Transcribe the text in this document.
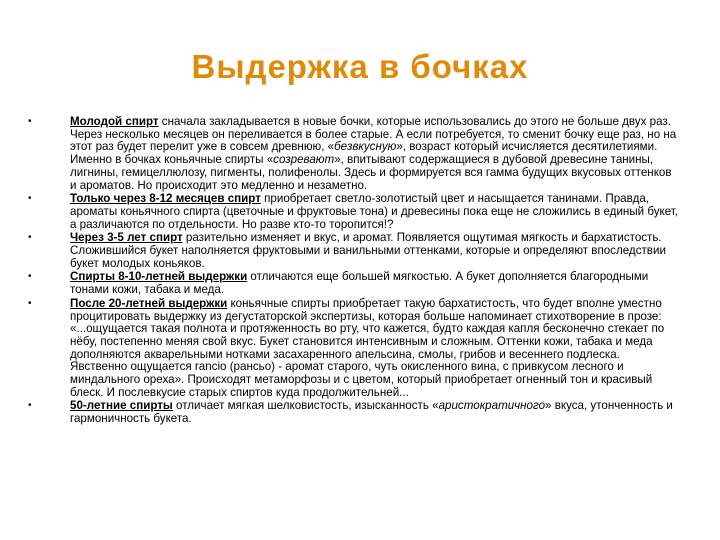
Выдержка в бочках
•	Молодой спирт сначала закладывается в новые бочки, которые использовались до этого не больше двух раз. Через несколько месяцев он переливается в более старые. А если потребуется, то сменит бочку еще раз, но на этот раз будет перелит уже в совсем древнюю, «безвкусную», возраст который исчисляется десятилетиями. Именно в бочках коньячные спирты «созревают», впитывают содержащиеся в дубовой древесине танины, лигнины, гемицеллюлозу, пигменты, полифенолы. Здесь и формируется вся гамма будущих вкусовых оттенков и ароматов. Но происходит это медленно и незаметно.
•	Только через 8-12 месяцев спирт приобретает светло-золотистый цвет и насыщается танинами. Правда, ароматы коньячного спирта (цветочные и фруктовые тона) и древесины пока еще не сложились в единый букет, а различаются по отдельности. Но разве кто-то торопится!?
•	Через 3-5 лет спирт разительно изменяет и вкус, и аромат. Появляется ощутимая мягкость и бархатистость. Сложившийся букет наполняется фруктовыми и ванильными оттенками, которые и определяют впоследствии букет молодых коньяков.
•	Спирты 8-10-летней выдержки отличаются еще большей мягкостью. А букет дополняется благородными тонами кожи, табака и меда.
•	После 20-летней выдержки коньячные спирты приобретает такую бархатистость, что будет вполне уместно процитировать выдержку из дегустаторской экспертизы, которая больше напоминает стихотворение в прозе: «...ощущается такая полнота и протяженность во рту, что кажется, будто каждая капля бесконечно стекает по нёбу, постепенно меняя свой вкус. Букет становится интенсивным и сложным. Оттенки кожи, табака и меда дополняются акварельными нотками засахаренного апельсина, смолы, грибов и весеннего подлеска. Явственно ощущается rancio (рансьо) - аромат старого, чуть окисленного вина, с привкусом лесного и миндального ореха». Происходят метаморфозы и с цветом, который приобретает огненный тон и красивый блеск. И послевкусие старых спиртов куда продолжительней...
•	50-летние спирты отличает мягкая шелковистость, изысканность «аристократичного» вкуса, утонченность и гармоничность букета.
